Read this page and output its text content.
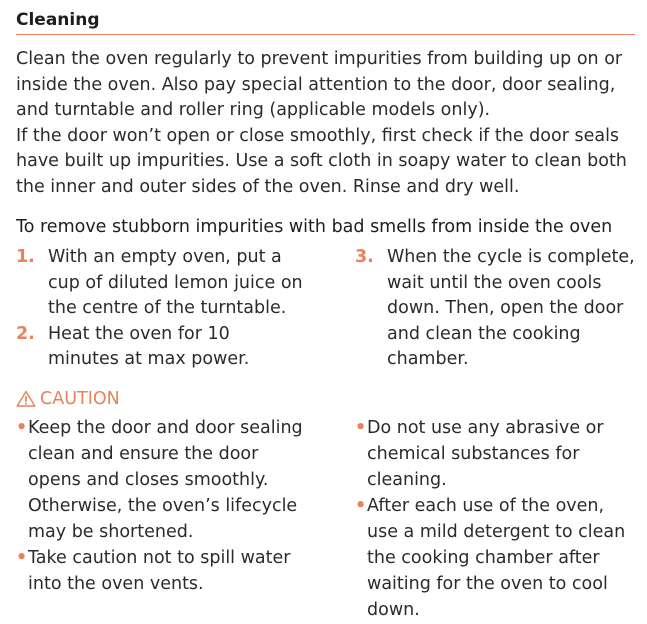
Cleaning

Clean the oven regularly to prevent impurities from building up on or inside the oven. Also pay special attention to the door, door sealing, and turntable and roller ring (applicable models only).

If the door won’t open or close smoothly, first check if the door seals have built up impurities. Use a soft cloth in soapy water to clean both the inner and outer sides of the oven. Rinse and dry well.

To remove stubborn impurities with bad smells from inside the oven
1. With an empty oven, put a cup of diluted lemon juice on the centre of the turntable.
2. Heat the oven for 10 minutes at max power.
3. When the cycle is complete, wait until the oven cools down. Then, open the door and clean the cooking chamber.
CAUTION
• Keep the door and door sealing clean and ensure the door opens and closes smoothly. Otherwise, the oven’s lifecycle may be shortened.
• Take caution not to spill water into the oven vents.
• Do not use any abrasive or chemical substances for cleaning.
• After each use of the oven, use a mild detergent to clean the cooking chamber after waiting for the oven to cool down.
